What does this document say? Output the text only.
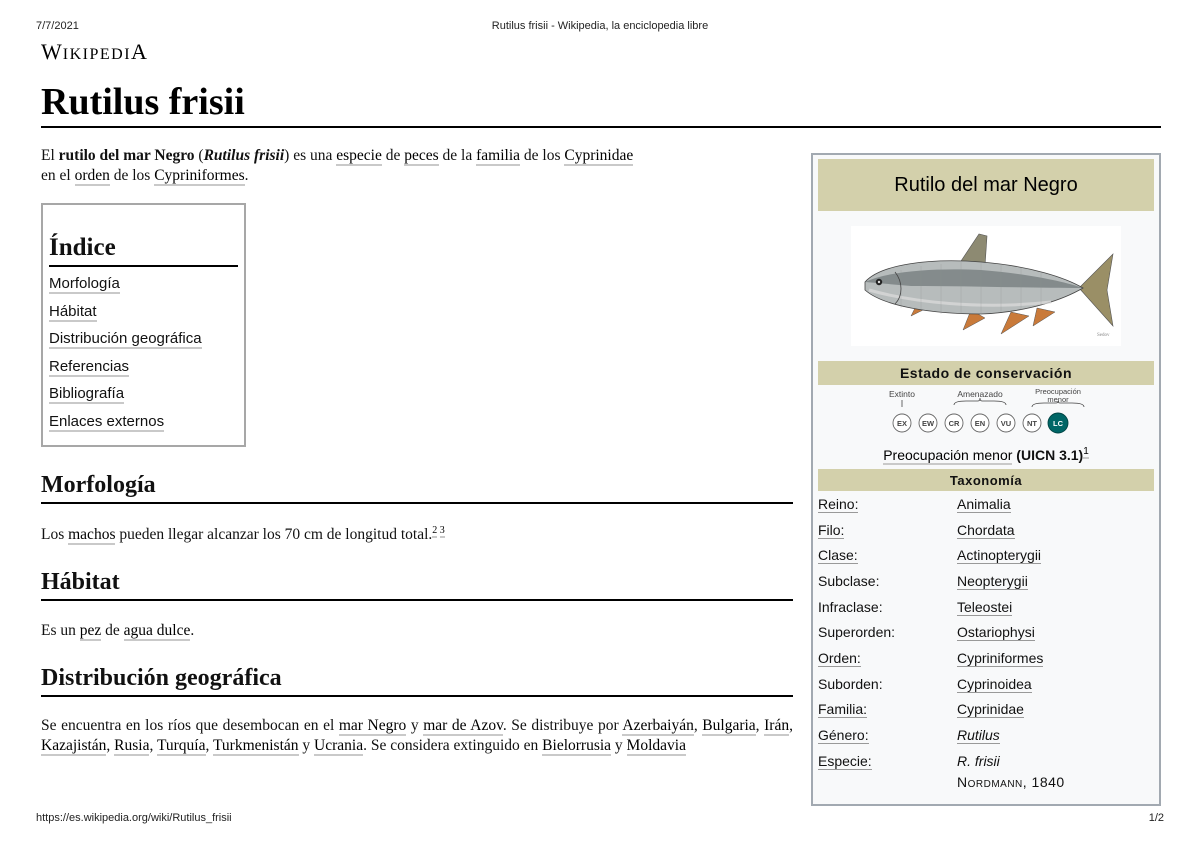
7/7/2021	Rutilus frisii - Wikipedia, la enciclopedia libre
WIKIPEDIA
Rutilus frisii

El rutilo del mar Negro (Rutilus frisii) es una especie de peces de la familia de los Cyprinidae
en el orden de los Cypriniformes.

Índice
Morfología
Hábitat
Distribución geográfica
Referencias
Bibliografía
Enlaces externos
Morfología

Los machos pueden llegar alcanzar los 70 cm de longitud total.$^{2 3}$

Hábitat

Es un pez de agua dulce.

Distribución geográfica

Se encuentra en los ríos que desembocan en el mar Negro y mar de Azov. Se distribuye por Azerbaiyán, Bulgaria, Irán, Kazajistán, Rusia, Turquía, Turkmenistán y Ucrania. Se considera extinguido en Bielorrusia y Moldavia

Rutilo del mar Negro
Sedov
Estado de conservación
Extinto	Amenazado	Preocupación
menor
EX EW CR EN VU NT LC
Preocupación menor (UICN 3.1)$^1$
Taxonomía
Reino:	Animalia
Filo:	Chordata
Clase:	Actinopterygii
Subclase:	Neopterygii
Infraclase:	Teleostei
Superorden:	Ostariophysi
Orden:	Cypriniformes
Suborden:	Cyprinoidea
Familia:	Cyprinidae
Género:	Rutilus
Especie:	R. frisii
Nordmann, 1840
https://es.wikipedia.org/wiki/Rutilus_frisii	1/2
